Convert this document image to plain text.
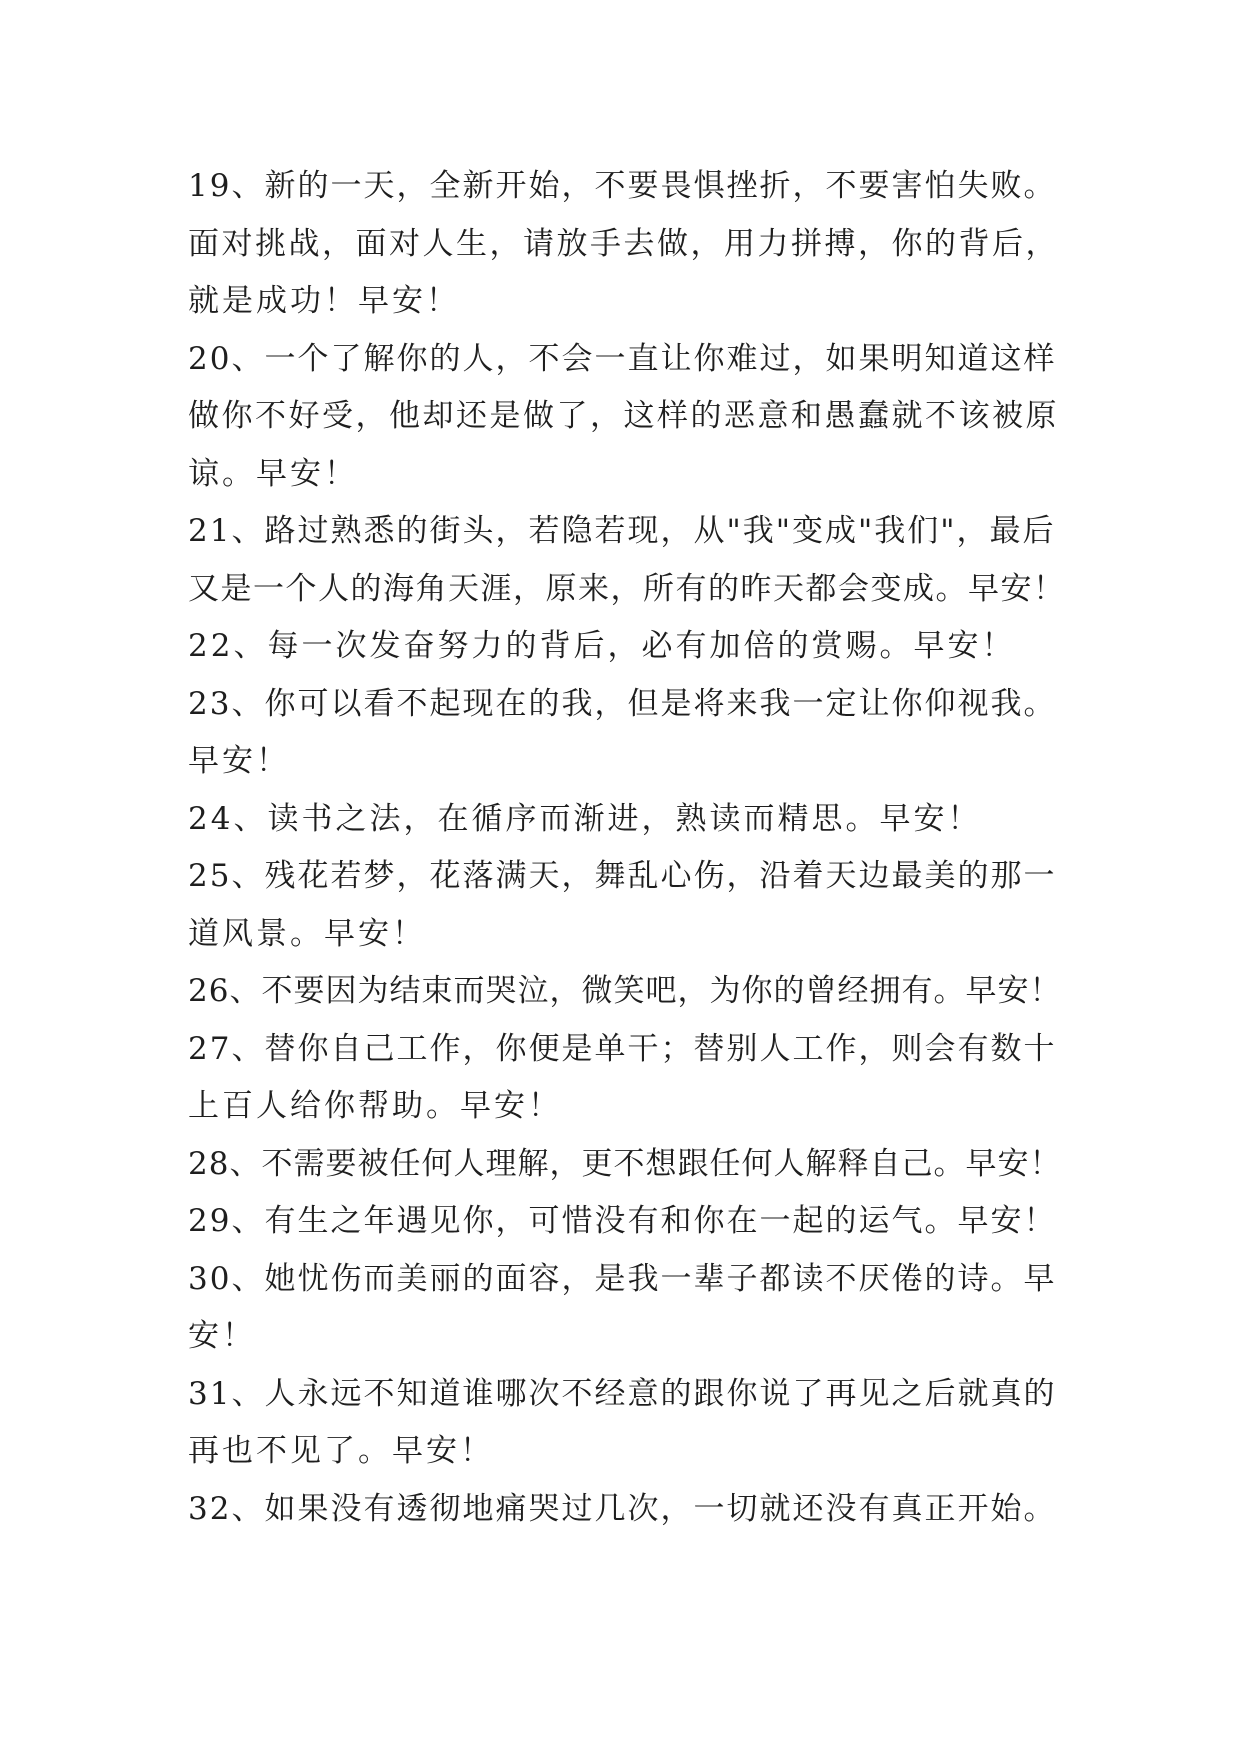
19、新的一天，全新开始，不要畏惧挫折，不要害怕失败。
面对挑战，面对人生，请放手去做，用力拼搏，你的背后，
就是成功！早安！
20、一个了解你的人，不会一直让你难过，如果明知道这样
做你不好受，他却还是做了，这样的恶意和愚蠢就不该被原
谅。早安！
21、路过熟悉的街头，若隐若现，从"我"变成"我们"，最后
又是一个人的海角天涯，原来，所有的昨天都会变成。早安！
22、每一次发奋努力的背后，必有加倍的赏赐。早安！
23、你可以看不起现在的我，但是将来我一定让你仰视我。
早安！
24、读书之法，在循序而渐进，熟读而精思。早安！
25、残花若梦，花落满天，舞乱心伤，沿着天边最美的那一
道风景。早安！
26、不要因为结束而哭泣，微笑吧，为你的曾经拥有。早安！
27、替你自己工作，你便是单干；替别人工作，则会有数十
上百人给你帮助。早安！
28、不需要被任何人理解，更不想跟任何人解释自己。早安！
29、有生之年遇见你，可惜没有和你在一起的运气。早安！
30、她忧伤而美丽的面容，是我一辈子都读不厌倦的诗。早
安！
31、人永远不知道谁哪次不经意的跟你说了再见之后就真的
再也不见了。早安！
32、如果没有透彻地痛哭过几次，一切就还没有真正开始。
